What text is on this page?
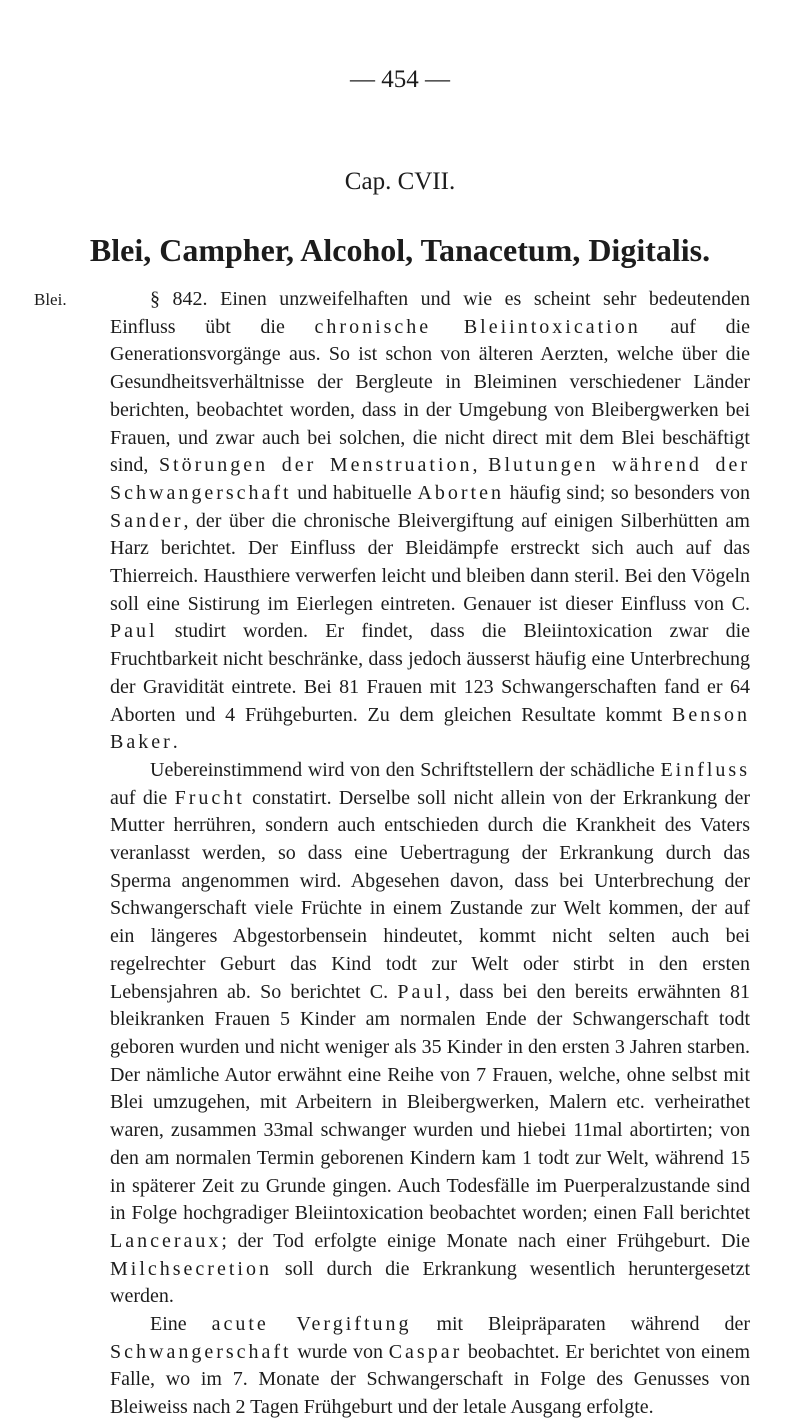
— 454 —
Cap. CVII.
Blei, Campher, Alcohol, Tanacetum, Digitalis.
Blei.	§ 842. Einen unzweifelhaften und wie es scheint sehr bedeutenden Einfluss übt die chronische Bleiintoxication auf die Generationsvorgänge aus. So ist schon von älteren Aerzten, welche über die Gesundheitsverhältnisse der Bergleute in Bleiminen verschiedener Länder berichten, beobachtet worden, dass in der Umgebung von Bleibergwerken bei Frauen, und zwar auch bei solchen, die nicht direct mit dem Blei beschäftigt sind, Störungen der Menstruation, Blutungen während der Schwangerschaft und habituelle Aborten häufig sind; so besonders von Sander, der über die chronische Bleivergiftung auf einigen Silberhütten am Harz berichtet. Der Einfluss der Bleidämpfe erstreckt sich auch auf das Thierreich. Hausthiere verwerfen leicht und bleiben dann steril. Bei den Vögeln soll eine Sistirung im Eierlegen eintreten. Genauer ist dieser Einfluss von C. Paul studirt worden. Er findet, dass die Bleiintoxication zwar die Fruchtbarkeit nicht beschränke, dass jedoch äusserst häufig eine Unterbrechung der Gravidität eintrete. Bei 81 Frauen mit 123 Schwangerschaften fand er 64 Aborten und 4 Frühgeburten. Zu dem gleichen Resultate kommt Benson Baker.

Uebereinstimmend wird von den Schriftstellern der schädliche Einfluss auf die Frucht constatirt. Derselbe soll nicht allein von der Erkrankung der Mutter herrühren, sondern auch entschieden durch die Krankheit des Vaters veranlasst werden, so dass eine Uebertragung der Erkrankung durch das Sperma angenommen wird. Abgesehen davon, dass bei Unterbrechung der Schwangerschaft viele Früchte in einem Zustande zur Welt kommen, der auf ein längeres Abgestorbensein hindeutet, kommt nicht selten auch bei regelrechter Geburt das Kind todt zur Welt oder stirbt in den ersten Lebensjahren ab. So berichtet C. Paul, dass bei den bereits erwähnten 81 bleikranken Frauen 5 Kinder am normalen Ende der Schwangerschaft todt geboren wurden und nicht weniger als 35 Kinder in den ersten 3 Jahren starben. Der nämliche Autor erwähnt eine Reihe von 7 Frauen, welche, ohne selbst mit Blei umzugehen, mit Arbeitern in Bleibergwerken, Malern etc. verheirathet waren, zusammen 33mal schwanger wurden und hiebei 11mal abortirten; von den am normalen Termin geborenen Kindern kam 1 todt zur Welt, während 15 in späterer Zeit zu Grunde gingen. Auch Todesfälle im Puerperalzustande sind in Folge hochgradiger Bleiintoxication beobachtet worden; einen Fall berichtet Lanceraux; der Tod erfolgte einige Monate nach einer Frühgeburt. Die Milchsecretion soll durch die Erkrankung wesentlich heruntergesetzt werden.

Eine acute Vergiftung mit Bleipräparaten während der Schwangerschaft wurde von Caspar beobachtet. Er berichtet von einem Falle, wo im 7. Monate der Schwangerschaft in Folge des Genusses von Bleiweiss nach 2 Tagen Frühgeburt und der letale Ausgang erfolgte.
